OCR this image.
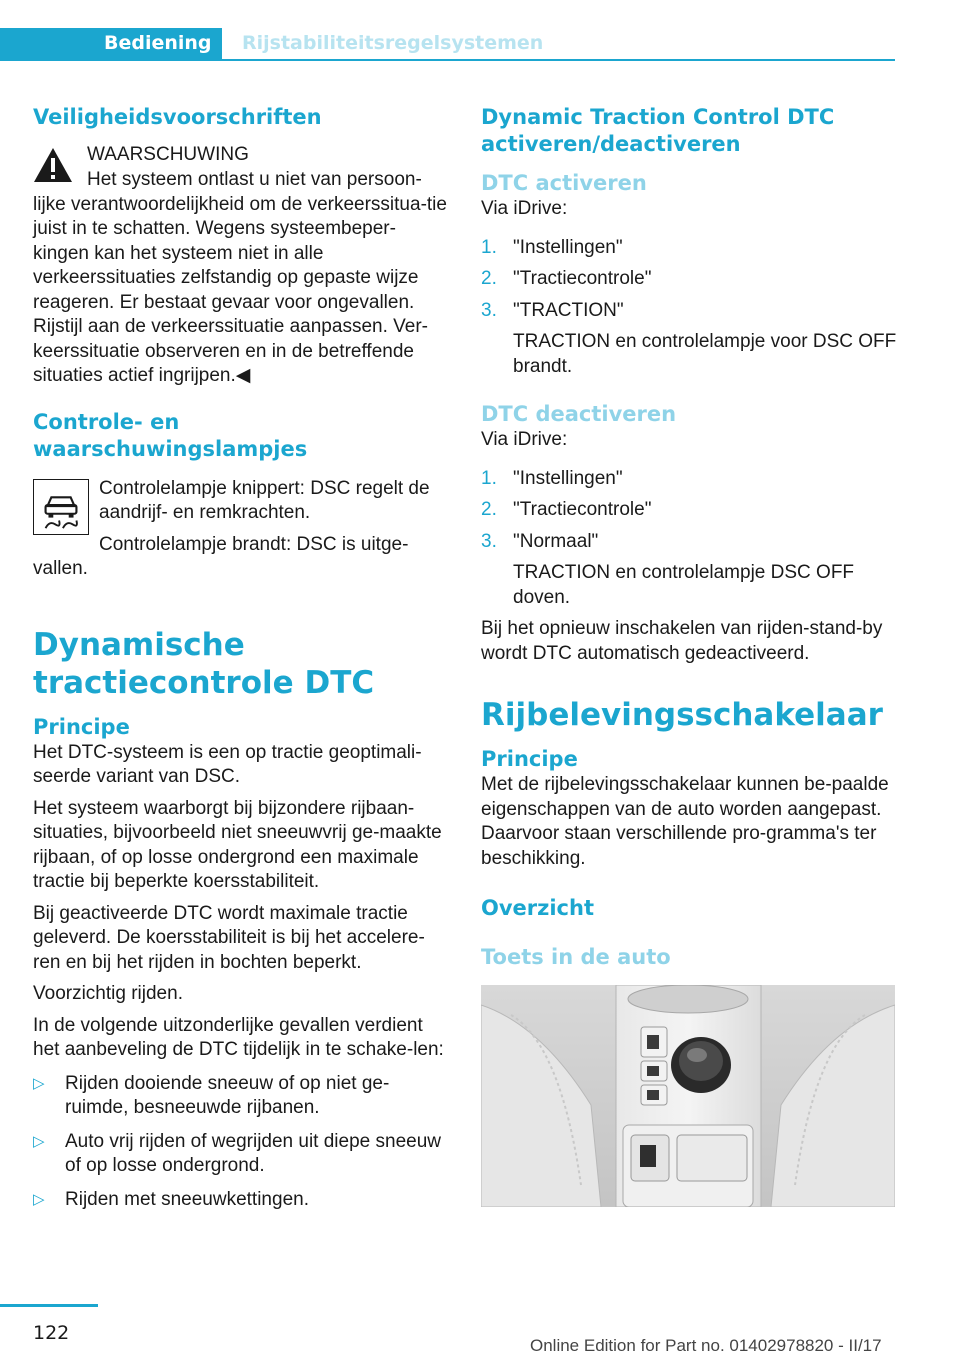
Bediening Rijstabiliteitsregelsystemen
Veiligheidsvoorschriften

WAARSCHUWING

Het systeem ontlast u niet van persoon-lijke verantwoordelijkheid om de verkeerssitua-tie juist in te schatten. Wegens systeembeper-kingen kan het systeem niet in alle verkeerssituaties zelfstandig op gepaste wijze reageren. Er bestaat gevaar voor ongevallen. Rijstijl aan de verkeerssituatie aanpassen. Ver-keerssituatie observeren en in de betreffende situaties actief ingrijpen.◀

Controle- en waarschuwingslampjes

Controlelampje knippert: DSC regelt de aandrijf- en remkrachten.

Controlelampje brandt: DSC is uitge-vallen.

Dynamische tractiecontrole DTC
Principe

Het DTC-systeem is een op tractie geoptimali-seerde variant van DSC.

Het systeem waarborgt bij bijzondere rijbaan-situaties, bijvoorbeeld niet sneeuwvrij ge-maakte rijbaan, of op losse ondergrond een maximale tractie bij beperkte koersstabiliteit.

Bij geactiveerde DTC wordt maximale tractie geleverd. De koersstabiliteit is bij het accelere-ren en bij het rijden in bochten beperkt.

Voorzichtig rijden.

In de volgende uitzonderlijke gevallen verdient het aanbeveling de DTC tijdelijk in te schake-len:

▷ Rijden dooiende sneeuw of op niet ge-ruimde, besneeuwde rijbanen.
▷ Auto vrij rijden of wegrijden uit diepe sneeuw of op losse ondergrond.
▷ Rijden met sneeuwkettingen.
Dynamic Traction Control DTC activeren/deactiveren
DTC activeren

Via iDrive:

1. "Instellingen"
2. "Tractiecontrole"
3. "TRACTION"

TRACTION en controlelampje voor DSC OFF brandt.

DTC deactiveren

Via iDrive:

1. "Instellingen"
2. "Tractiecontrole"
3. "Normaal"

TRACTION en controlelampje DSC OFF doven.

Bij het opnieuw inschakelen van rijden-stand-by wordt DTC automatisch gedeactiveerd.

Rijbelevingsschakelaar
Principe

Met de rijbelevingsschakelaar kunnen be-paalde eigenschappen van de auto worden aangepast. Daarvoor staan verschillende pro-gramma's ter beschikking.

Overzicht
Toets in de auto
122
Online Edition for Part no. 01402978820 - II/17
